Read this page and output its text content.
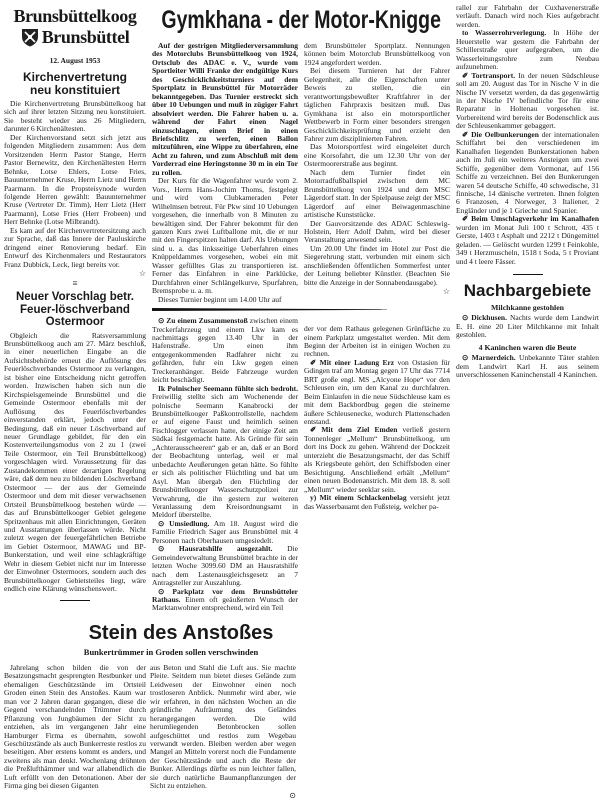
Brunsbüttelkoog
Brunsbüttel
12. August 1953
Kirchenvertretung neu konstituiert

Die Kirchenvertretung Brunsbüttelkoog hat sich auf ihrer letzten Sitzung neu konstituiert. Sie besteht wieder aus 26 Mitgliedern, darunter 6 Kirchenältesten.

Der Kirchenvorstand setzt sich jetzt aus folgenden Mitgliedern zusammen: Aus dem Vorsitzenden Herrn Pastor Stange, Herrn Pastor Bernewitz, den Kirchenältesten Herrn Behnke, Lotse Ehlers, Lotse Fries, Bauunternehmer Kruse, Herrn Lietz und Herrn Paarmann. In die Propsteisynode wurden folgende Herren gewählt: Bauunternehmer Kruse (Vertreter Dr. Timm), Herr Lietz (Herr Paarmann), Lotse Fries (Herr Frobeen) und Herr Behnke (Lotse Milbrandt).

Es kam auf der Kirchenvertretersitzung auch zur Sprache, daß das Innere der Pauluskirche dringend einer Renovierung bedarf. Ein Entwurf des Kirchenmalers und Restaurators Franz Dubbick, Leck, liegt bereits vor.

☆
≡
Neuer Vorschlag betr. Feuer-löschverband Ostermoor

Obgleich die Ratsversammlung Brunsbüttelkoog auch am 27. März beschloß, in einer neuerlichen Eingabe an die Aufsichtsbehörde erneut die Auflösung des Feuerlöschverbandes Ostermoor zu verlangen, ist bisher eine Entscheidung nicht getroffen worden. Inzwischen haben sich nun die Kirchspielsgemeinde Brunsbüttel und die Gemeinde Ostermoor ebenfalls mit der Auflösung des Feuerlöschverbandes einverstanden erklärt, jedoch unter der Bedingung, daß ein neuer Löschverband auf neuer Grundlage gebildet, für den ein Kostenverteilungsmodus von 2 zu 1 (zwei Teile Ostermoor, ein Teil Brunsbüttelkoog) vorgeschlagen wird. Voraussetzung für das Zustandekommen einer derartigen Regelung wäre, daß dem neu zu bildenden Löschverband Ostermoor — der aus der Gemeinde Ostermoor und dem mit dieser verwachsenen Ortsteil Brunsbüttelkoog bestehen würde — das auf Brunsbüttelkooger Gebiet gelegene Spritzenhaus mit allen Einrichtungen, Geräten und Ausstattungen überlassen würde. Nicht zuletzt wegen der feuergefährlichen Betriebe im Gebiet Ostermoor, MAWAG und BP-Bunkerstation, und weil eine schlagkräftige Wehr in diesem Gebiet nicht nur im Interesse der Einwohner Ostermoors, sondern auch des Brunsbüttelkooger Gebietsteiles liegt, wäre endlich eine Klärung wünschenswert.

Gymkhana - der Motor-Knigge

Auf der gestrigen Mitgliederversammlung des Motorclubs Brunsbüttelkoog von 1924, Ortsclub des ADAC e. V., wurde vom Sportleiter Willi Franke der endgültige Kurs des Geschicklichkeitsturniers auf dem Sportplatz in Brunsbüttel für Motorräder bekanntgegeben. Das Turnier erstreckt sich über 10 Uebungen und muß in zügiger Fahrt absolviert werden. Die Fahrer haben u. a. während der Fahrt einen Nagel einzuschlagen, einen Brief in einen Briefschlitz zu werfen, einen Ballon mitzuführen, eine Wippe zu überfahren, eine Acht zu fahren, und zum Abschluß mit dem Vorderrad eine Heringstonne 30 m in ein Tor zu rollen.

Der Kurs für die Wagenfahrer wurde vom 2. Vors., Herrn Hans-Jochim Thoms, festgelegt und wird vom Clubkameraden Peter Wilhelmsen betreut. Für Pkw sind 10 Uebungen vorgesehen, die innerhalb von 8 Minuten zu bewältigen sind. Der Fahrer bekommt für den ganzen Kurs zwei Luftballone mit, die er nur mit den Fingerspitzen halten darf. Als Uebungen sind u. a. das linksseitige Ueberfahren eines Knüppeldammes vorgesehen, wobei ein mit Wasser gefülltes Glas zu transportieren ist. Ferner das Einfahren in eine Parklücke, Durchfahren einer Schlängelkurve, Spurfahren, Bremsprobe u. a. m.

Dieses Turnier beginnt um 14.00 Uhr auf

dem Brunsbütteler Sportplatz. Nennungen können beim Motorclub Brunsbüttelkoog von 1924 angefordert werden.

Bei diesem Turnieren hat der Fahrer Gelegenheit, alle die Eigenschaften unter Beweis zu stellen, die ein verantwortungsbewußter Kraftfahrer in der täglichen Fahrpraxis besitzen muß. Das Gymkhana ist also ein motorsportlicher Wettbewerb in Form einer besonders strengen Geschicklichkeitsprüfung und erzieht den Fahrer zum disziplinierten Fahren.

Das Motorsportfest wird eingeleitet durch eine Korsofahrt, die um 12.30 Uhr von der Ostermoorerstraße aus beginnt.

Nach dem Turnier findet ein Motorradfußballspiel zwischen dem MC Brunsbüttelkoog von 1924 und dem MSC Lägerdorf statt. In der Spielpause zeigt der MSC Lägerdorf auf einer Beiwagenmaschine artistische Kunststücke.

Der Gauvorsitzende des ADAC Schleswig-Holstein, Herr Adolf Dahm, wird bei dieser Veranstaltung anwesend sein.

Um 20.00 Uhr findet im Hotel zur Post die Siegerehrung statt, verbunden mit einem sich anschließenden öffentlichen Sommerfest unter der Leitung beliebter Künstler. (Beachten Sie bitte die Anzeige in der Sonnabendausgabe).

☆

⊙ Zu einem Zusammenstoß zwischen einem Treckerfahrzeug und einem Lkw kam es nachmittags gegen 13.40 Uhr in der Hafenstraße. Um einen ihm entgegenkommenden Radfahrer nicht zu gefährden, fuhr ein Lkw gegen einen Treckeranhänger. Beide Fahrzeuge wurden leicht beschädigt.

Ik Polnischer Seemann fühlte sich bedroht. Freiwillig stellte sich am Wochenende der polnische Seemann Kanabrocki der Brunsbüttelkooger Paßkontrollstelle, nachdem er auf eigene Faust und heimlich seinen Fischlogger verlassen hatte, der einige Zeit am Südkai festgemacht hatte. Als Gründe für sein „Achterausscheeren“ gab er an, daß er an Bord der Beobachtung unterlag, weil er mal unbedachte Aeußerungen getan hätte. So fühlte er sich als politischer Flüchtling und bat um Asyl. Man übergab den Flüchtling der Brunsbüttelkooger Wasserschutzpolizei zur Verwahrung, die ihn gestern zur weiteren Veranlassung dem Kreisordnungsamt in Meldorf überstellte.

⊙ Umsiedlung. Am 18. August wird die Familie Friedrich Sager aus Brunsbüttel mit 4 Personen nach Oberhausen umgesiedelt.

⊙ Hausratshilfe ausgezahlt. Die Gemeindeverwaltung Brunsbüttel brachte in der letzten Woche 3099.60 DM an Hausratshilfe nach dem Lastenausgleichsgesetz an 7 Antragsteller zur Auszahlung.

⊙ Parkplatz vor dem Brunsbütteler Rathaus. Einem oft geäußerten Wunsch der Marktanwohner entsprechend, wird ein Teil

der vor dem Rathaus gelegenen Grünfläche zu einem Parkplatz umgestaltet werden. Mit dem Beginn der Arbeiten ist in einigen Wochen zu rechnen.

✐ Mit einer Ladung Erz von Ostasien für Gdingen traf am Montag gegen 17 Uhr das 7714 BRT große engl. MS „Alcyone Hope“ vor den Schleusen ein, um den Kanal zu durchfahren. Beim Einlaufen in die neue Südschleuse kam es mit dem Backbordbug gegen die steinerne äußere Schleusenecke, wodurch Plattenschaden entstand.

✐ Mit dem Ziel Emden verließ gestern Tonnenleger „Mellum“ Brunsbüttelkoog, um dort ins Dock zu gehen. Während der Dockzeit unterzieht die Besatzungsmacht, der das Schiff als Kriegsbeute gehört, den Schiffsboden einer Besichtigung. Anschließend erhält „Mellum“ einen neuen Bodenanstrich. Mit dem 18. 8. soll „Mellum“ wieder seeklar sein.

y) Mit einem Schlackenbelag versieht jetzt das Wasserbauamt den Fußsteig, welcher pa-

rallel zur Fahrbahn der Cuxhavenerstraße verläuft. Danach wird noch Kies aufgebracht werden.

to Wasserrohrverlegung. In Höhe der Heuerstelle war gestern die Fahrbahn der Schillerstraße quer aufgegraben, um die Wasserleitungsrohre zum Neubau aufzunehmen.

✐ Tortransport. In der neuen Südschleuse soll am 20. August das Tor in Nische V in die Nische IV versetzt werden, da das gegenwärtig in der Nische IV befindliche Tor für eine Reparatur in Holtenau vorgesehen ist. Vorbereitend wird bereits der Bodenschlick aus der Schleusenkammer gebaggert.

✐ Die Oelbunkerungen der internationalen Schiffahrt bei den verschiedenen im Kanalhafen liegenden Bunkerstationen haben auch im Juli ein weiteres Ansteigen um zwei Schiffe, gegenüber dem Vormonat, auf 156 Schiffe zu verzeichnen. Bei den Bunkerungen waren 54 deutsche Schiffe, 40 schwedische, 31 finnische, 14 dänische vertreten. Ihnen folgten 6 Franzosen, 4 Norweger, 3 Italiener, 2 Engländer und je 1 Grieche und Spanier.

✐ Beim Umschlagverkehr im Kanalhafen wurden im Monat Juli 100 t Schrott, 435 t Gerste, 1403 t Asphalt und 2212 t Düngemittel geladen. — Gelöscht wurden 1299 t Feinkohle, 349 t Herzmuscheln, 1518 t Soda, 5 t Proviant und 4 t leere Fässer.

Nachbargebiete
Milchkanne gestohlen

⊙ Dickhusen. Nachts wurde dem Landwirt E. H. eine 20 Liter Milchkanne mit Inhalt gestohlen.

4 Kaninchen waren die Beute

⊙ Marnerdeich. Unbekannte Täter stahlen dem Landwirt Karl H. aus seinem unverschlossenen Kaninchenstall 4 Kaninchen.

Stein des Anstoßes
Bunkertrümmer in Groden sollen verschwinden

Jahrelang schon bilden die von der Besatzungsmacht gesprengten Restbunker und ehemaligen Geschützstände im Ortsteil Groden einen Stein des Anstoßes. Kaum war man vor 2 Jahren daran gegangen, diese die Gegend verschandelnden Trümmer durch Pflanzung von Jungbäumen der Sicht zu entziehen, als im vergangenen Jahr eine Hamburger Firma es übernahm, sowohl Geschützstände als auch Bunkerreste restlos zu beseitigen. Aber erstens kommt es anders, und zweitens als man denkt. Wochenlang dröhnten die Preßlufthämmer und war allabendlich die Luft erfüllt von den Detonationen. Aber der Firma ging bei diesen Giganten

aus Beton und Stahl die Luft aus. Sie machte Pleite. Seitdem nun bietet dieses Gelände zum Leidwesen der Einwohner einen noch trostloseren Anblick. Nunmehr wird aber, wie wir erfahren, in den nächsten Wochen an die gründliche Aufräumung des Geländes herangegangen werden. Die wild herumliegenden Betonbrocken sollen aufgeschüttet und restlos zum Wegebau verwandt werden. Bleiben werden aber wegen Mangel an Mitteln vorerst noch die Fundamente der Geschützstände und auch die Reste der Bunker. Allerdings dürfte es nun leichter fallen, sie durch natürliche Baumanpflanzungen der Sicht zu entziehen.

⊙
